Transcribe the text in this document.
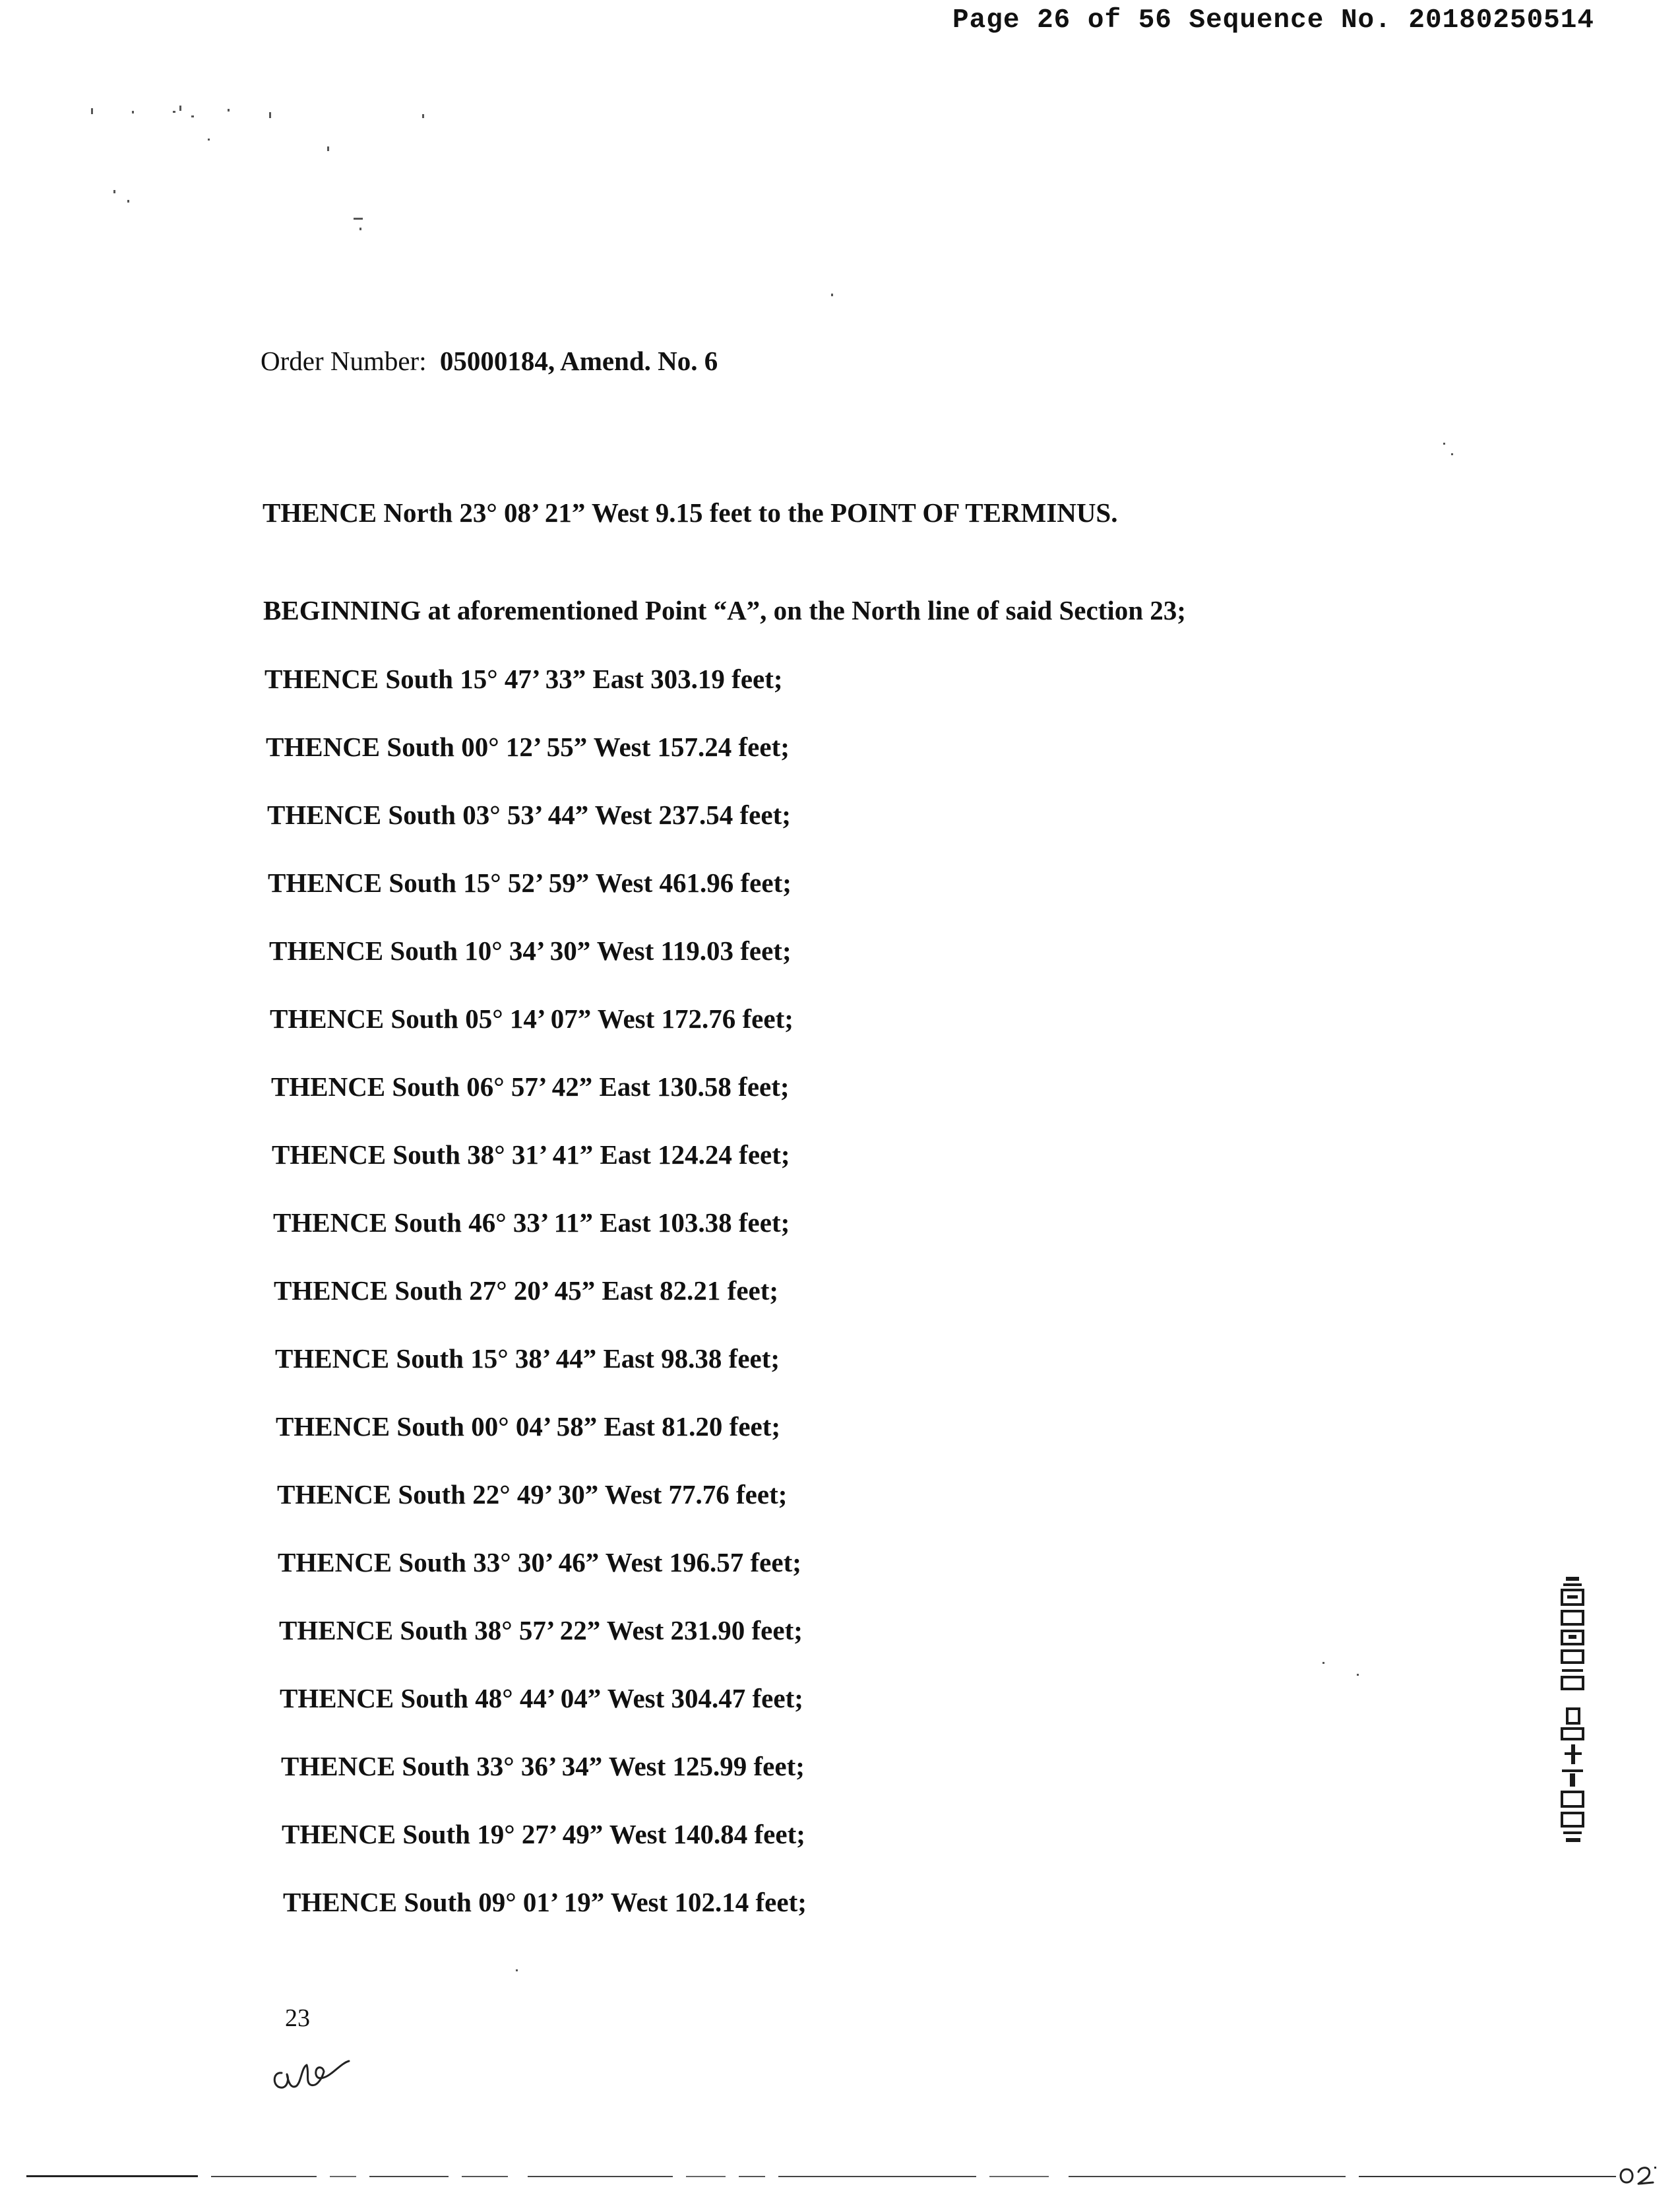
Page 26 of 56 Sequence No. 20180250514
Order Number: 05000184, Amend. No. 6
THENCE North 23° 08’ 21” West 9.15 feet to the POINT OF TERMINUS.
BEGINNING at aforementioned Point “A”, on the North line of said Section 23;
THENCE South 15° 47’ 33” East 303.19 feet;
THENCE South 00° 12’ 55” West 157.24 feet;
THENCE South 03° 53’ 44” West 237.54 feet;
THENCE South 15° 52’ 59” West 461.96 feet;
THENCE South 10° 34’ 30” West 119.03 feet;
THENCE South 05° 14’ 07” West 172.76 feet;
THENCE South 06° 57’ 42” East 130.58 feet;
THENCE South 38° 31’ 41” East 124.24 feet;
THENCE South 46° 33’ 11” East 103.38 feet;
THENCE South 27° 20’ 45” East 82.21 feet;
THENCE South 15° 38’ 44” East 98.38 feet;
THENCE South 00° 04’ 58” East 81.20 feet;
THENCE South 22° 49’ 30” West 77.76 feet;
THENCE South 33° 30’ 46” West 196.57 feet;
THENCE South 38° 57’ 22” West 231.90 feet;
THENCE South 48° 44’ 04” West 304.47 feet;
THENCE South 33° 36’ 34” West 125.99 feet;
THENCE South 19° 27’ 49” West 140.84 feet;
THENCE South 09° 01’ 19” West 102.14 feet;
23
